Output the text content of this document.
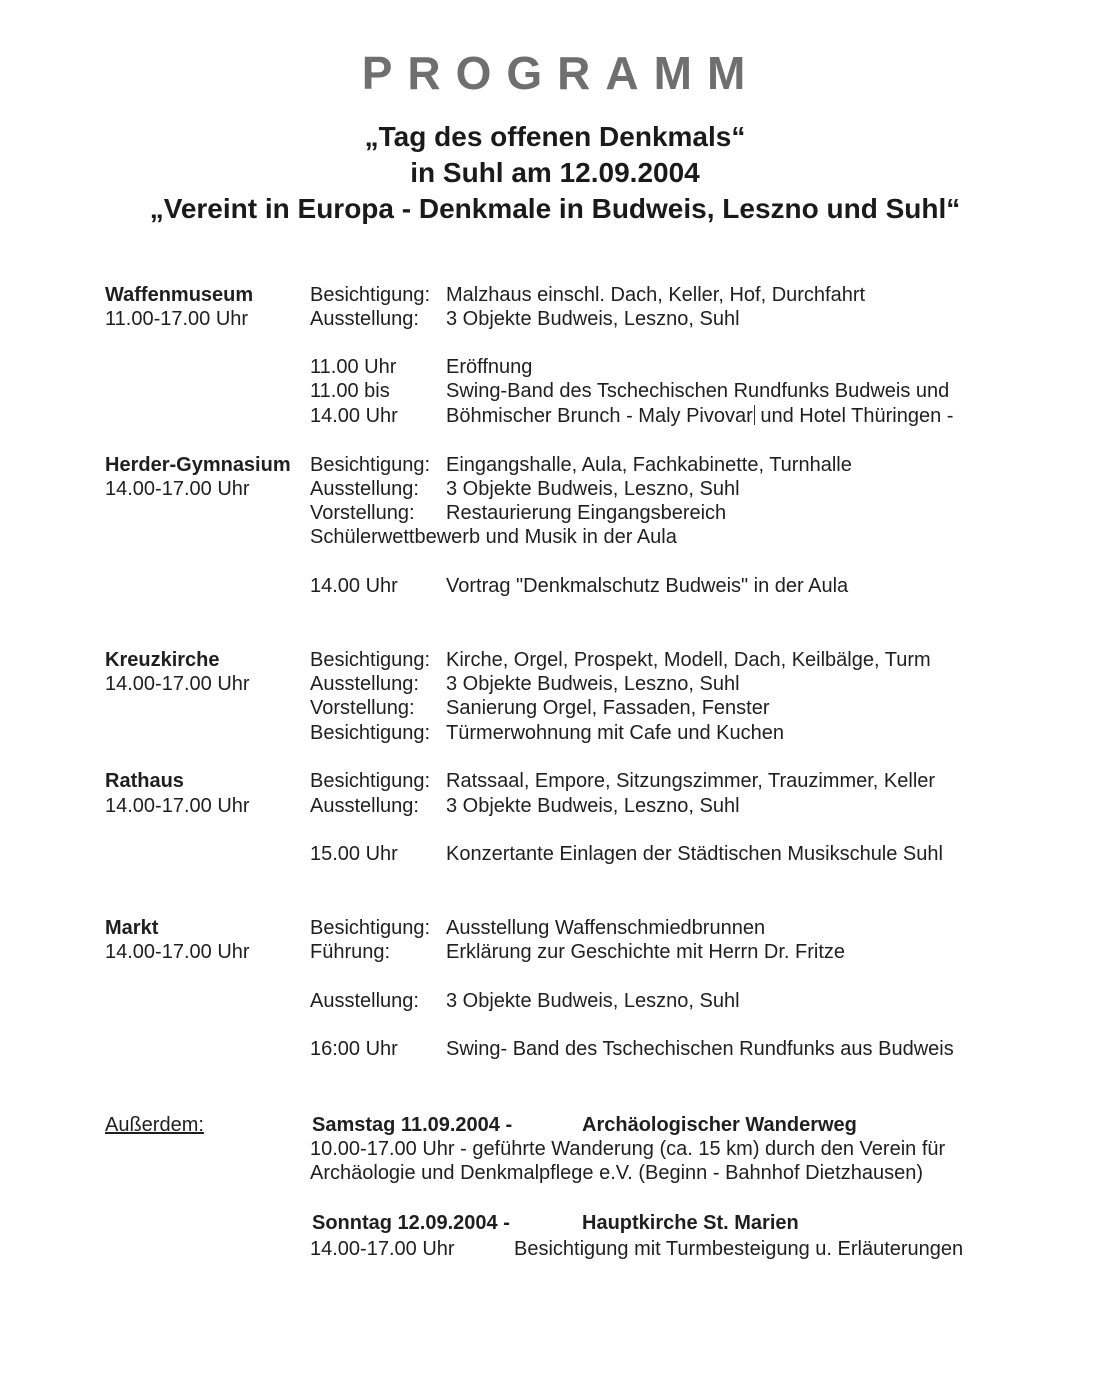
PROGRAMM
„Tag des offenen Denkmals“
in Suhl am 12.09.2004
„Vereint in Europa - Denkmale in Budweis, Leszno und Suhl“
Waffenmuseum
11.00-17.00 Uhr
Besichtigung: Malzhaus einschl. Dach, Keller, Hof, Durchfahrt
Ausstellung: 3 Objekte Budweis, Leszno, Suhl
11.00 Uhr Eröffnung
11.00 bis	Swing-Band des Tschechischen Rundfunks Budweis und
14.00 Uhr Böhmischer Brunch - Maly Pivovar und Hotel Thüringen -
Herder-Gymnasium
14.00-17.00 Uhr
Besichtigung: Eingangshalle, Aula, Fachkabinette, Turnhalle
Ausstellung: 3 Objekte Budweis, Leszno, Suhl
Vorstellung: Restaurierung Eingangsbereich
Schülerwettbewerb und Musik in der Aula
14.00 Uhr Vortrag "Denkmalschutz Budweis" in der Aula
Kreuzkirche
14.00-17.00 Uhr
Besichtigung: Kirche, Orgel, Prospekt, Modell, Dach, Keilbälge, Turm
Ausstellung: 3 Objekte Budweis, Leszno, Suhl
Vorstellung: Sanierung Orgel, Fassaden, Fenster
Besichtigung: Türmerwohnung mit Cafe und Kuchen
Rathaus
14.00-17.00 Uhr
Besichtigung: Ratssaal, Empore, Sitzungszimmer, Trauzimmer, Keller
Ausstellung: 3 Objekte Budweis, Leszno, Suhl
15.00 Uhr Konzertante Einlagen der Städtischen Musikschule Suhl
Markt
14.00-17.00 Uhr
Besichtigung: Ausstellung Waffenschmiedbrunnen
Führung:	Erklärung zur Geschichte mit Herrn Dr. Fritze
Ausstellung: 3 Objekte Budweis, Leszno, Suhl
16:00 Uhr Swing- Band des Tschechischen Rundfunks aus Budweis
Außerdem:	Samstag 11.09.2004 -	Archäologischer Wanderweg
10.00-17.00 Uhr - geführte Wanderung (ca. 15 km) durch den Verein für
Archäologie und Denkmalpflege e.V. (Beginn - Bahnhof Dietzhausen)
Sonntag 12.09.2004 -	Hauptkirche St. Marien
14.00-17.00 Uhr	Besichtigung mit Turmbesteigung u. Erläuterungen
